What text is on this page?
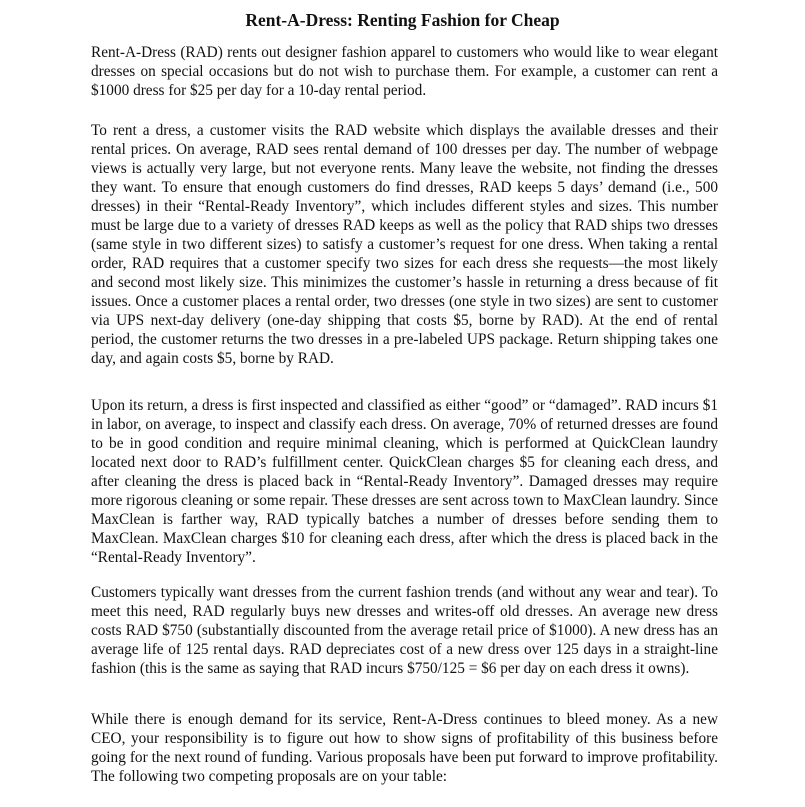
Rent-A-Dress: Renting Fashion for Cheap

Rent-A-Dress (RAD) rents out designer fashion apparel to customers who would like to wear elegant dresses on special occasions but do not wish to purchase them. For example, a customer can rent a $1000 dress for $25 per day for a 10-day rental period.

To rent a dress, a customer visits the RAD website which displays the available dresses and their rental prices. On average, RAD sees rental demand of 100 dresses per day. The number of webpage views is actually very large, but not everyone rents. Many leave the website, not finding the dresses they want. To ensure that enough customers do find dresses, RAD keeps 5 days’ demand (i.e., 500 dresses) in their “Rental-Ready Inventory”, which includes different styles and sizes. This number must be large due to a variety of dresses RAD keeps as well as the policy that RAD ships two dresses (same style in two different sizes) to satisfy a customer’s request for one dress. When taking a rental order, RAD requires that a customer specify two sizes for each dress she requests—the most likely and second most likely size. This minimizes the customer’s hassle in returning a dress because of fit issues. Once a customer places a rental order, two dresses (one style in two sizes) are sent to customer via UPS next-day delivery (one-day shipping that costs $5, borne by RAD). At the end of rental period, the customer returns the two dresses in a pre-labeled UPS package. Return shipping takes one day, and again costs $5, borne by RAD.

Upon its return, a dress is first inspected and classified as either “good” or “damaged”. RAD incurs $1 in labor, on average, to inspect and classify each dress. On average, 70% of returned dresses are found to be in good condition and require minimal cleaning, which is performed at QuickClean laundry located next door to RAD’s fulfillment center. QuickClean charges $5 for cleaning each dress, and after cleaning the dress is placed back in “Rental-Ready Inventory”. Damaged dresses may require more rigorous cleaning or some repair. These dresses are sent across town to MaxClean laundry. Since MaxClean is farther way, RAD typically batches a number of dresses before sending them to MaxClean. MaxClean charges $10 for cleaning each dress, after which the dress is placed back in the “Rental-Ready Inventory”.

Customers typically want dresses from the current fashion trends (and without any wear and tear). To meet this need, RAD regularly buys new dresses and writes-off old dresses. An average new dress costs RAD $750 (substantially discounted from the average retail price of $1000). A new dress has an average life of 125 rental days. RAD depreciates cost of a new dress over 125 days in a straight-line fashion (this is the same as saying that RAD incurs $750/125 = $6 per day on each dress it owns).

While there is enough demand for its service, Rent-A-Dress continues to bleed money. As a new CEO, your responsibility is to figure out how to show signs of profitability of this business before going for the next round of funding. Various proposals have been put forward to improve profitability. The following two competing proposals are on your table:
